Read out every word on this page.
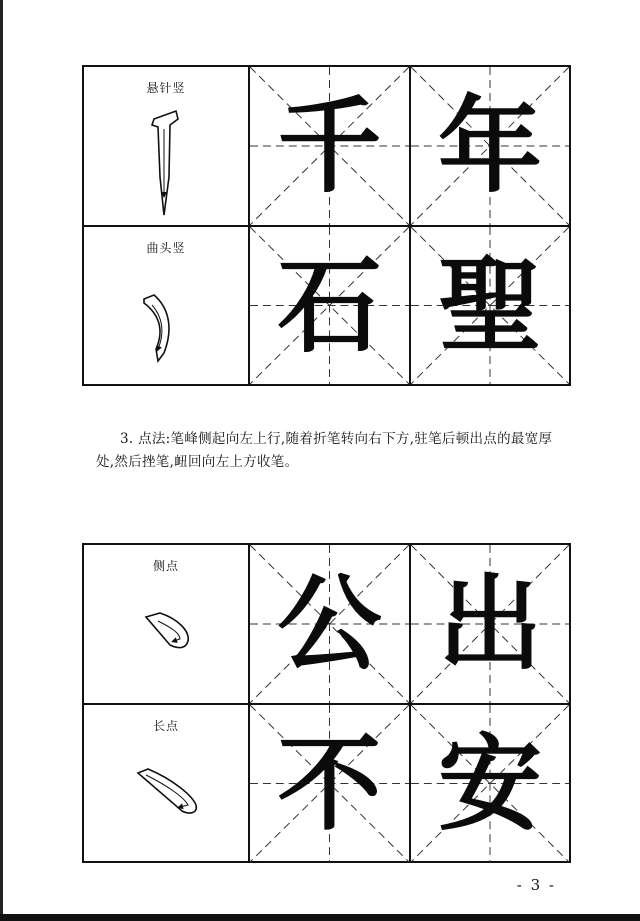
悬针竖 千 年
曲头竖 石 聖
3. 点法:笔峰侧起向左上行,随着折笔转向右下方,驻笔后顿出点的最宽厚处,然后挫笔,衄回向左上方收笔。
侧点 公 出
长点 不 安
- 3 -
